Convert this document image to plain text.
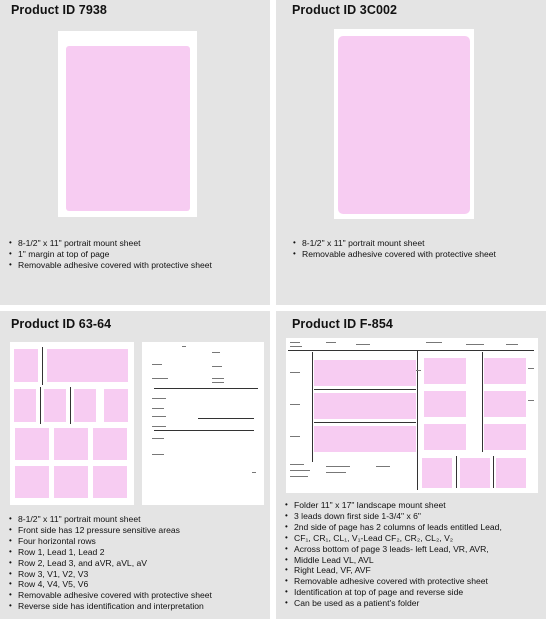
Product ID 7938
• 8-1/2" x 11" portrait mount sheet
• 1" margin at top of page
• Removable adhesive covered with protective sheet
Product ID 3C002
• 8-1/2" x 11" portrait mount sheet
• Removable adhesive covered with protective sheet
Product ID 63-64
• 8-1/2" x 11" portrait mount sheet
• Front side has 12 pressure sensitive areas
• Four horizontal rows
• Row 1, Lead 1, Lead 2
• Row 2, Lead 3, and aVR, aVL, aV
• Row 3, V1, V2, V3
• Row 4, V4, V5, V6
• Removable adhesive covered with protective sheet
• Reverse side has identification and interpretation
Product ID F-854
• Folder 11" x 17" landscape mount sheet
• 3 leads down first side 1-3/4" x 6"
• 2nd side of page has 2 columns of leads entitled Lead,
• CF₁, CR₁, CL₁, V₁-Lead CF₂, CR₂, CL₂, V₂
• Across bottom of page 3 leads- left Lead, VR, AVR,
• Middle Lead VL, AVL
• Right Lead, VF, AVF
• Removable adhesive covered with protective sheet
• Identification at top of page and reverse side
• Can be used as a patient's folder
